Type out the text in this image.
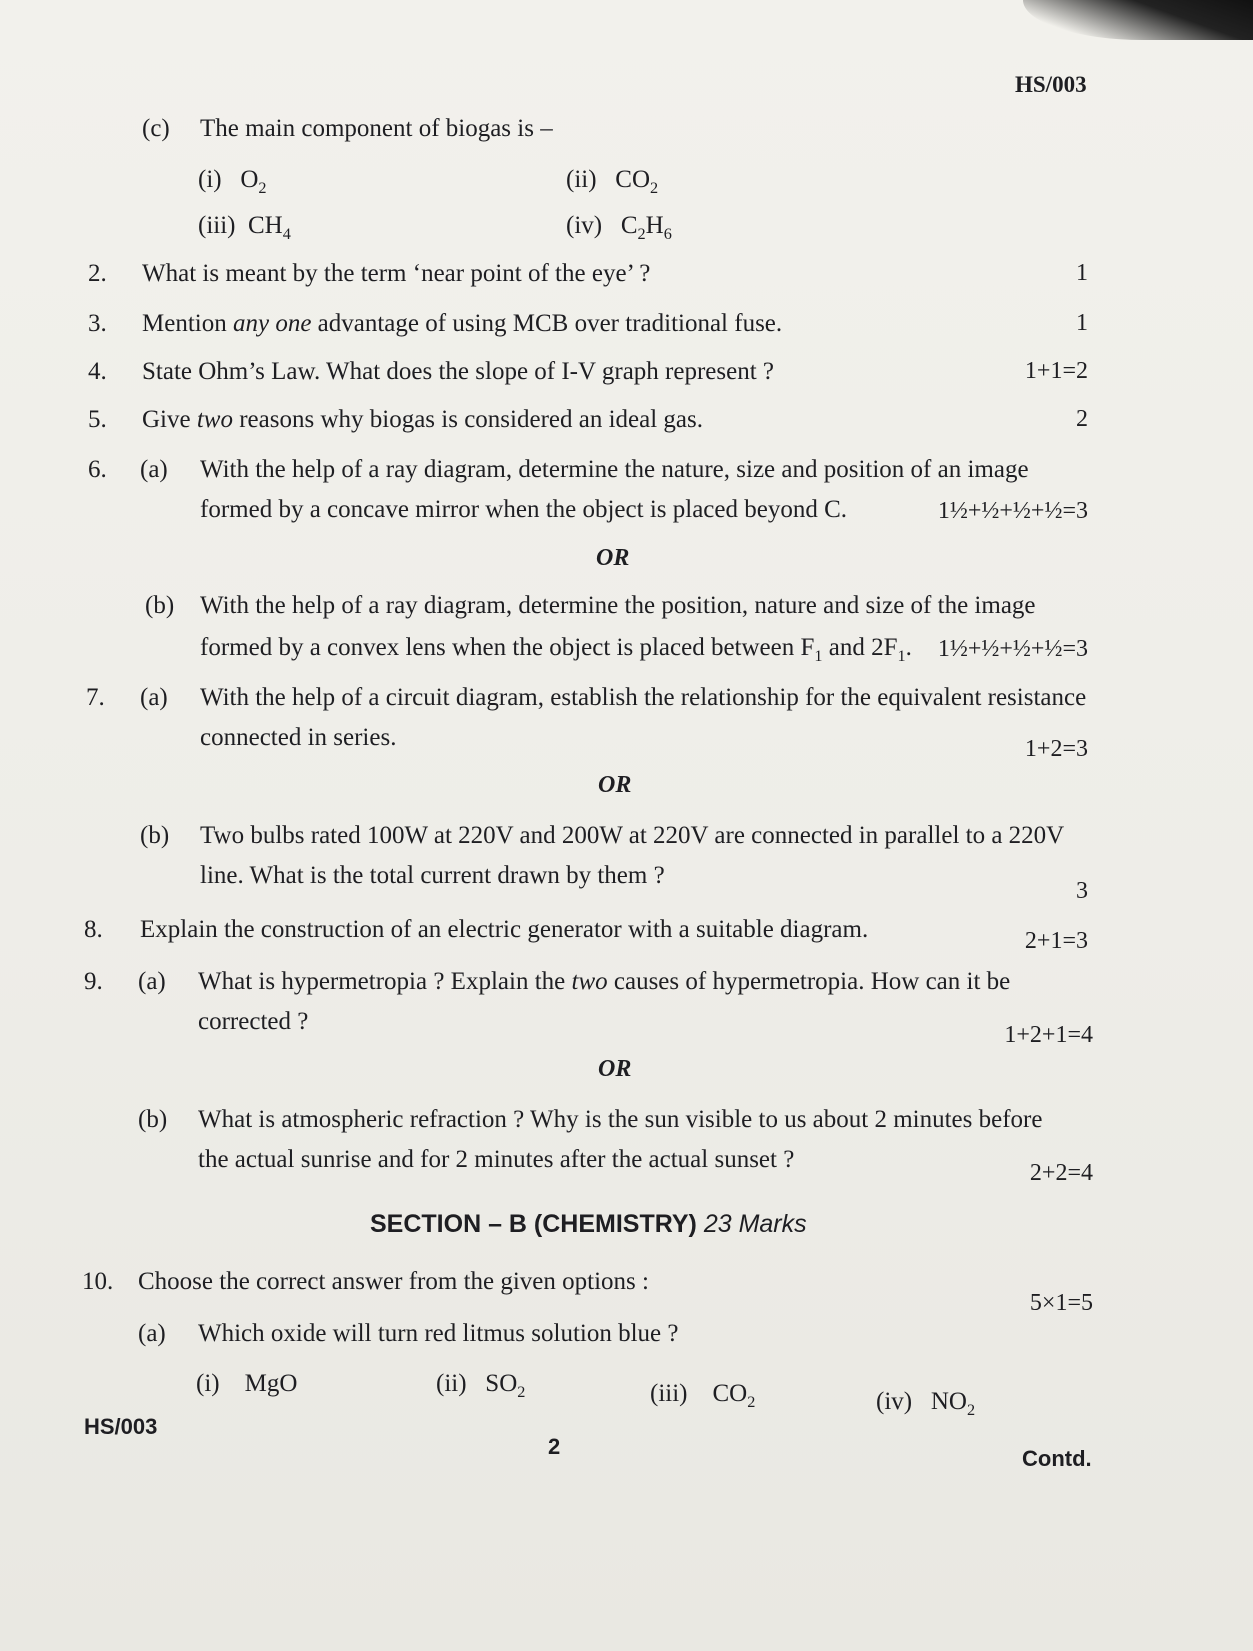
HS/003
(c) The main component of biogas is –
(i) $O_2$	(ii) $CO_2$
(iii) $CH_4$	(iv) $C_2H_6$
2. What is meant by the term ‘near point of the eye’ ?	1
3. Mention any one advantage of using MCB over traditional fuse.	1
4. State Ohm’s Law. What does the slope of I-V graph represent ?	1+1=2
5. Give two reasons why biogas is considered an ideal gas.	2
6. (a) With the help of a ray diagram, determine the nature, size and position of an image
formed by a concave mirror when the object is placed beyond C.	1½+½+½+½=3
OR
(b) With the help of a ray diagram, determine the position, nature and size of the image
formed by a convex lens when the object is placed between $F_1$ and $2F_1$. 1½+½+½+½=3
7. (a) With the help of a circuit diagram, establish the relationship for the equivalent resistance
connected in series.	1+2=3
OR
(b) Two bulbs rated 100W at 220V and 200W at 220V are connected in parallel to a 220V
line. What is the total current drawn by them ?
3
8. Explain the construction of an electric generator with a suitable diagram.	2+1=3
9. (a) What is hypermetropia ? Explain the two causes of hypermetropia. How can it be
corrected ?	1+2+1=4
OR
(b) What is atmospheric refraction ? Why is the sun visible to us about 2 minutes before
the actual sunrise and for 2 minutes after the actual sunset ?	2+2=4
SECTION – B (CHEMISTRY) 23 Marks
10. Choose the correct answer from the given options :
5×1=5
(a) Which oxide will turn red litmus solution blue ?
(i) MgO	(ii) $SO_2$	(iii) $CO_2$	(iv) $NO_2$
HS/003
2	Contd.
